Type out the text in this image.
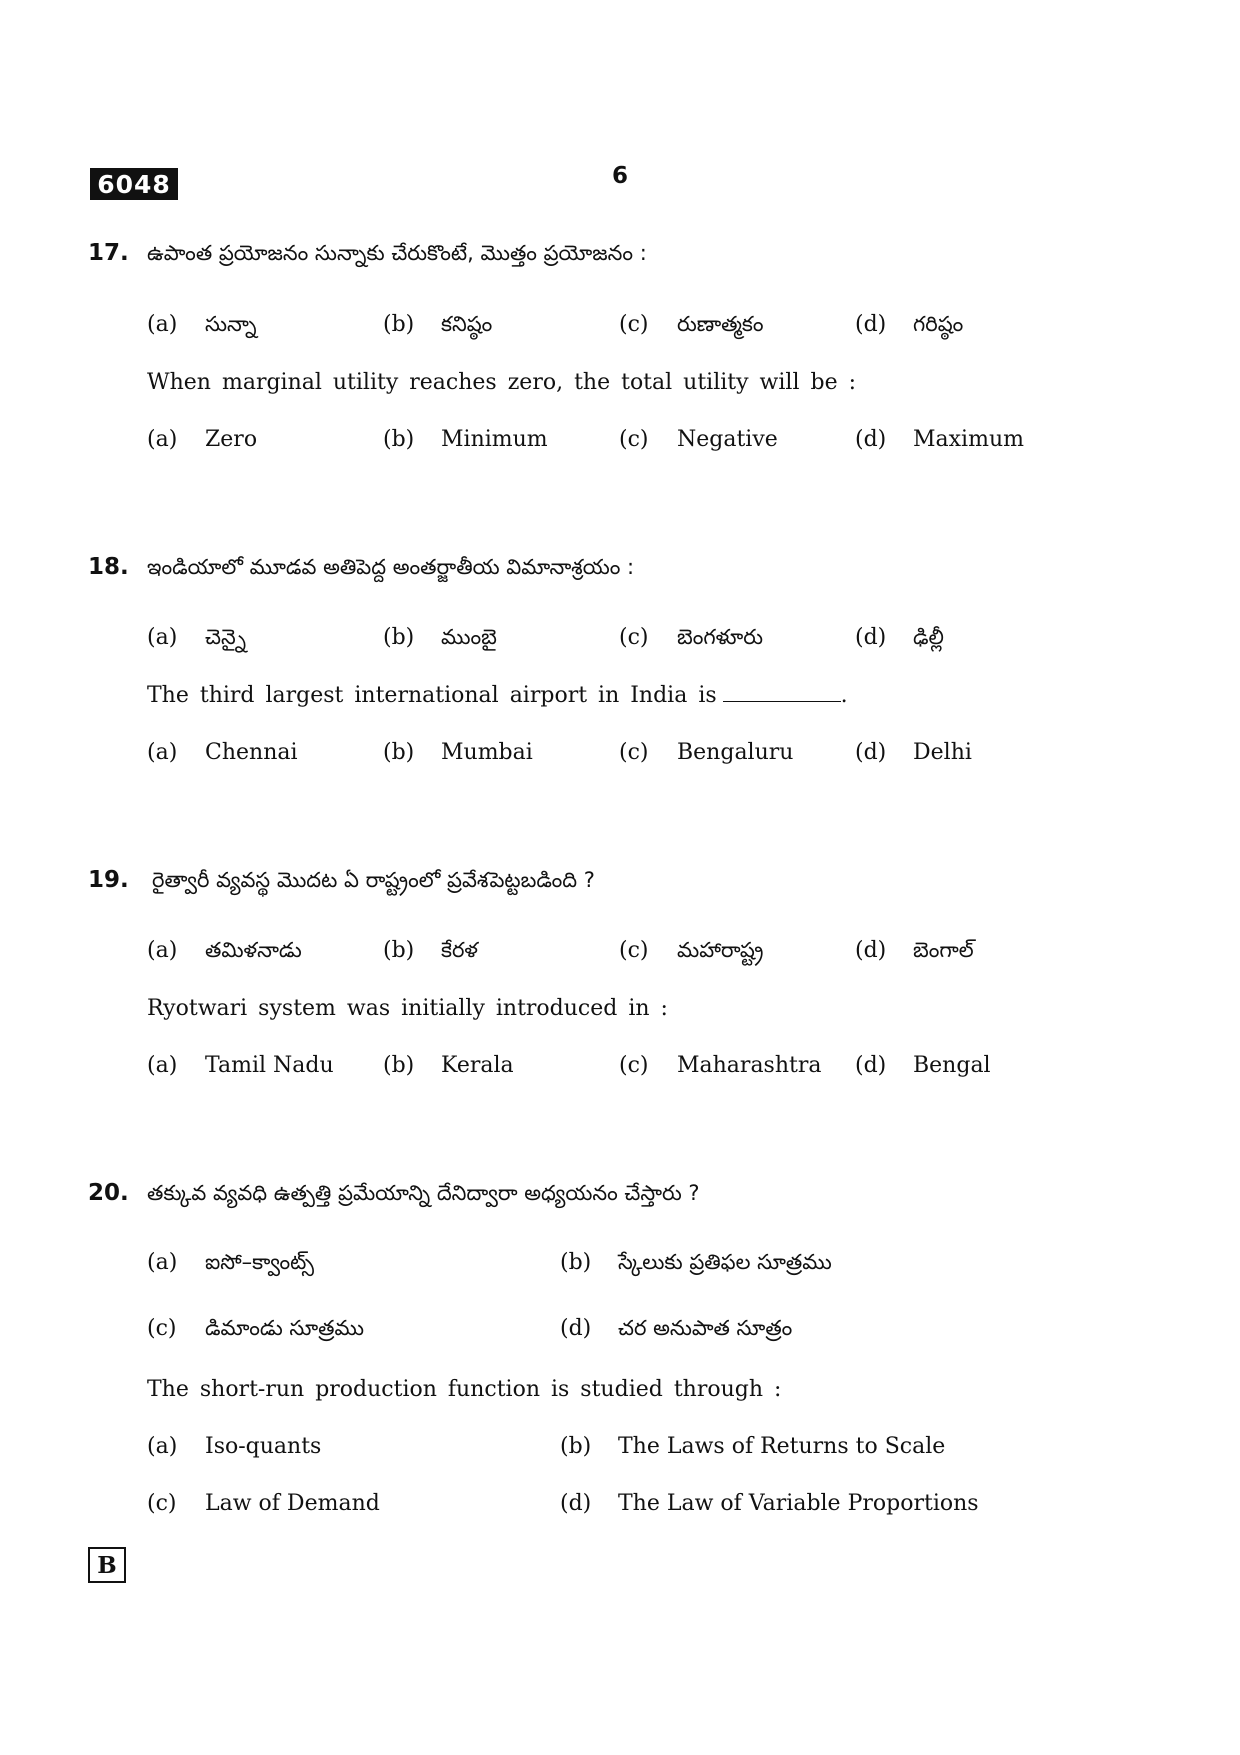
6048	6
17. ఉపాంత ప్రయోజనం సున్నాకు చేరుకొంటే, మొత్తం ప్రయోజనం :
(a) సున్నా	(b) కనిష్ఠం	(c) రుణాత్మకం	(d) గరిష్ఠం
When marginal utility reaches zero, the total utility will be :
(a) Zero	(b) Minimum	(c) Negative	(d) Maximum
18. ఇండియాలో మూడవ అతిపెద్ద అంతర్జాతీయ విమానాశ్రయం :
(a) చెన్నై	(b) ముంబై	(c) బెంగళూరు	(d) ఢిల్లీ
The third largest international airport in India is	.
(a) Chennai	(b) Mumbai	(c) Bengaluru	(d) Delhi
19. రైత్వారీ వ్యవస్థ మొదట ఏ రాష్ట్రంలో ప్రవేశపెట్టబడింది ?
(a) తమిళనాడు	(b) కేరళ	(c) మహారాష్ట్ర	(d) బెంగాల్
Ryotwari system was initially introduced in :
(a) Tamil Nadu (b) Kerala	(c) Maharashtra (d) Bengal
20. తక్కువ వ్యవధి ఉత్పత్తి ప్రమేయాన్ని దేనిద్వారా అధ్యయనం చేస్తారు ?
(a) ఐసో–క్వాంట్స్	(b) స్కేలుకు ప్రతిఫల సూత్రము
(c) డిమాండు సూత్రము	(d) చర అనుపాత సూత్రం
The short-run production function is studied through :
(a) Iso-quants	(b) The Laws of Returns to Scale
(c) Law of Demand	(d) The Law of Variable Proportions
B
